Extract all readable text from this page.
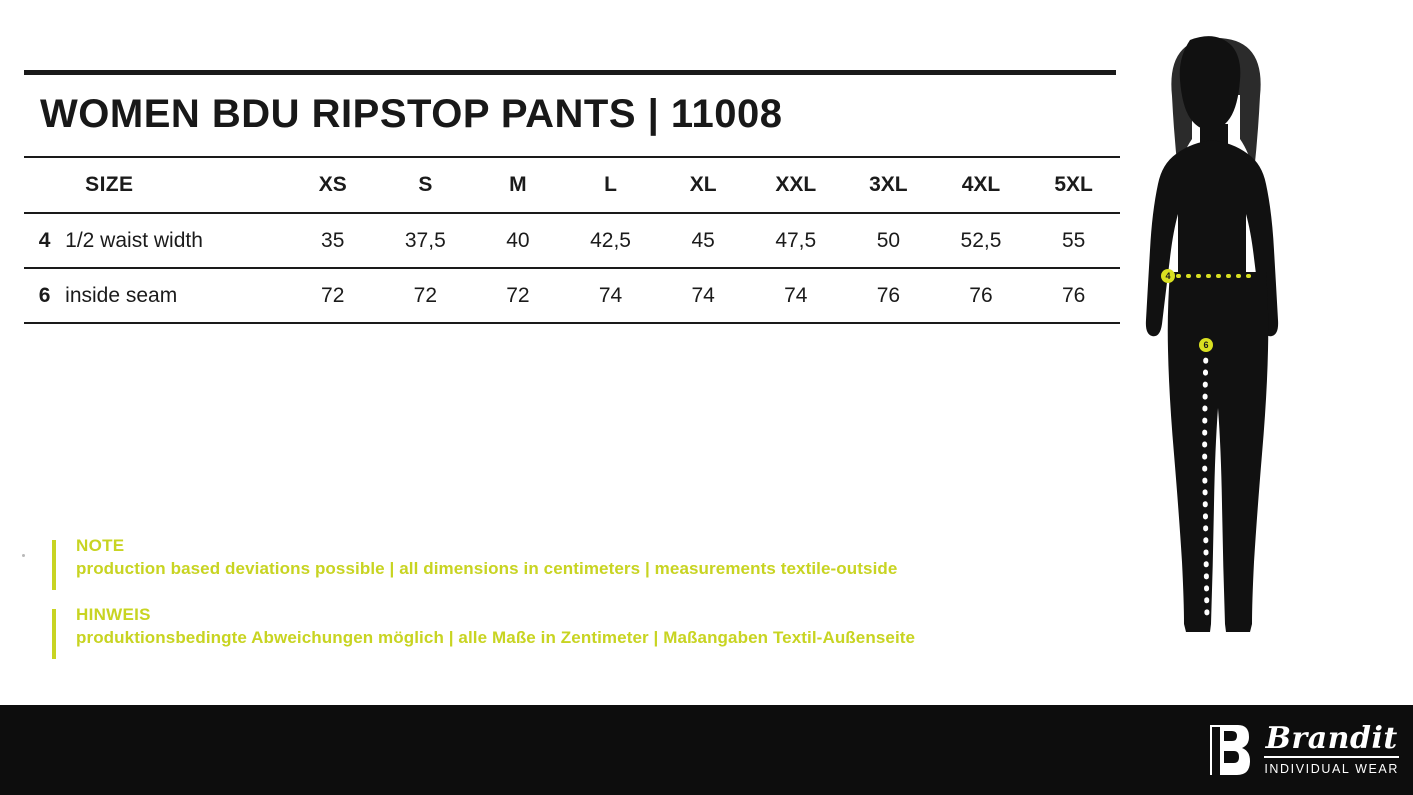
WOMEN BDU RIPSTOP PANTS | 11008
	SIZE	XS	S	M	L	XL	XXL	3XL	4XL	5XL
4	1/2 waist width	35	37,5	40	42,5	45	47,5	50	52,5	55
6	inside seam	72	72	72	74	74	74	76	76	76
NOTE
production based deviations possible | all dimensions in centimeters | measurements textile-outside
HINWEIS
produktionsbedingte Abweichungen möglich | alle Maße in Zentimeter | Maßangaben Textil-Außenseite
4
6
Brandit
INDIVIDUAL WEAR
